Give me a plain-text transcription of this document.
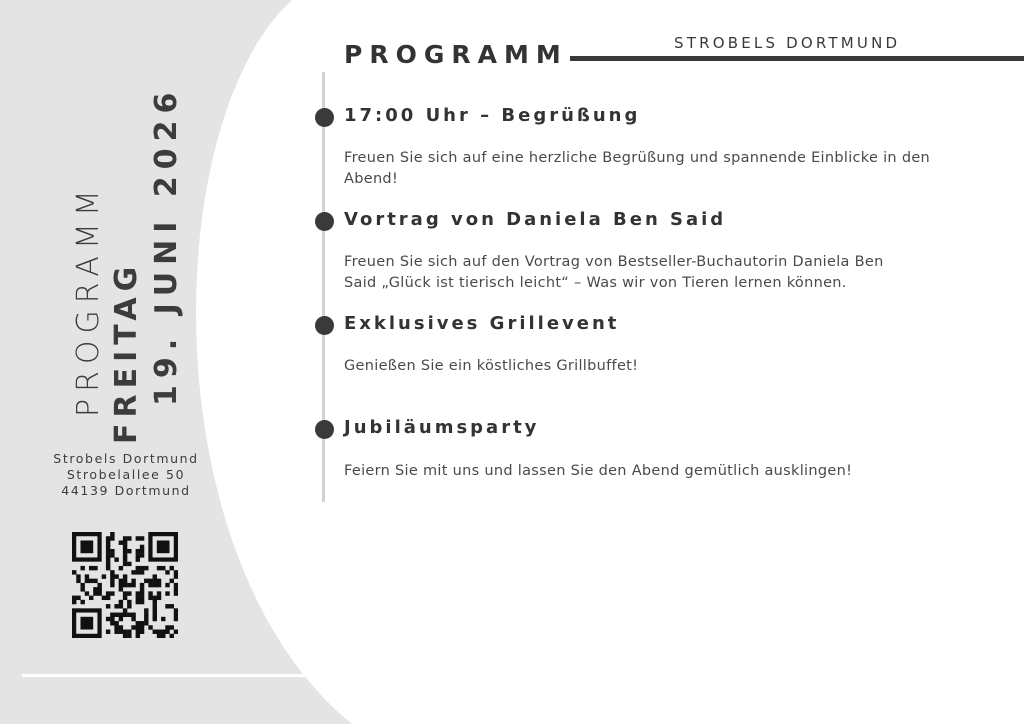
PROGRAMM FREITAG 19. JUNI 2026
Strobels Dortmund
Strobelallee 50
44139 Dortmund
PROGRAMM	STROBELS DORTMUND
17:00 Uhr – Begrüßung
Freuen Sie sich auf eine herzliche Begrüßung und spannende Einblicke in den
Abend!
Vortrag von Daniela Ben Said
Freuen Sie sich auf den Vortrag von Bestseller-Buchautorin Daniela Ben
Said „Glück ist tierisch leicht“ – Was wir von Tieren lernen können.
Exklusives Grillevent
Genießen Sie ein köstliches Grillbuffet!
Jubiläumsparty
Feiern Sie mit uns und lassen Sie den Abend gemütlich ausklingen!
